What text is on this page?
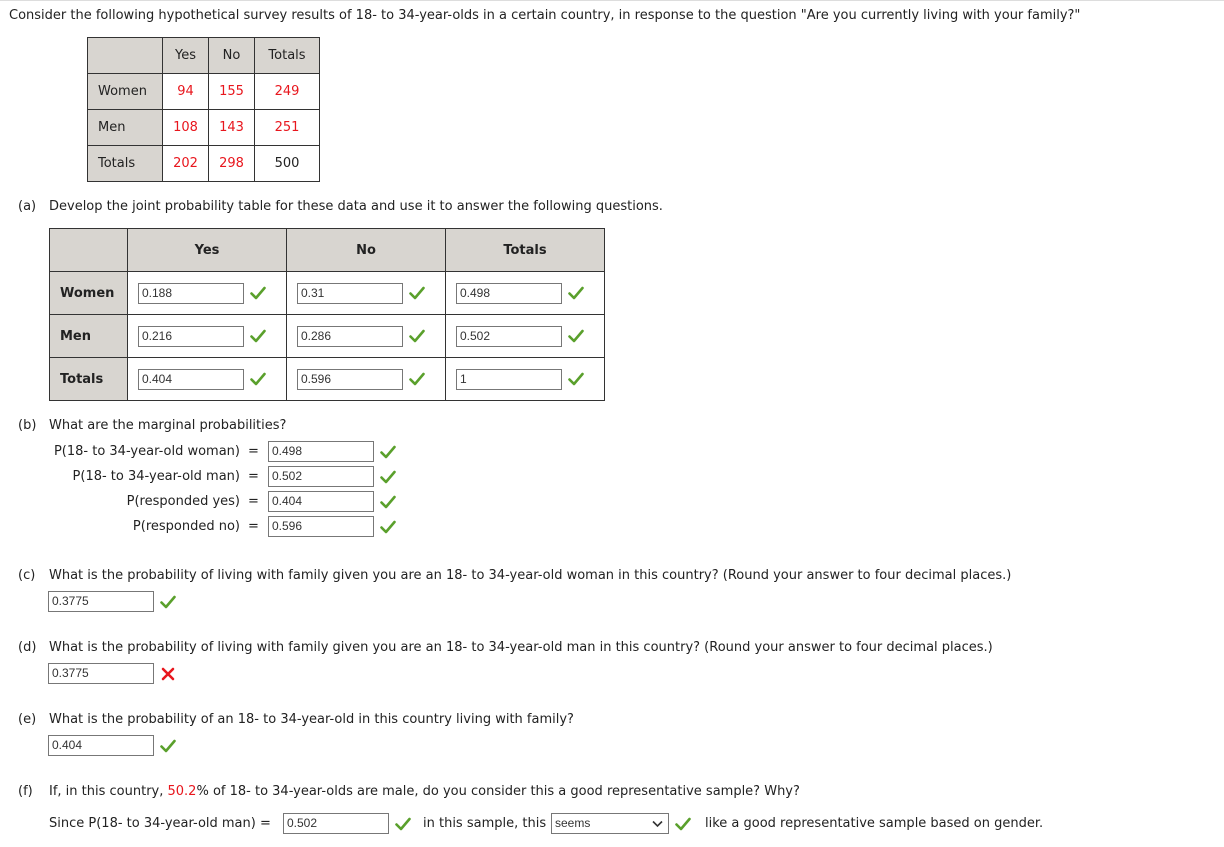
Consider the following hypothetical survey results of 18- to 34-year-olds in a certain country, in response to the question "Are you currently living with your family?"
	Yes	No	Totals
Women	94	155	249
Men	108	143	251
Totals	202	298	500
(a) Develop the joint probability table for these data and use it to answer the following questions.
	Yes	No	Totals
Women	0.188	0.31	0.498
Men	0.216	0.286	0.502
Totals	0.404	0.596	1
(b) What are the marginal probabilities?
P(18- to 34-year-old woman) =	0.498
P(18- to 34-year-old man) =	0.502
P(responded yes) =	0.404
P(responded no) =	0.596
(c) What is the probability of living with family given you are an 18- to 34-year-old woman in this country? (Round your answer to four decimal places.)
0.3775
(d) What is the probability of living with family given you are an 18- to 34-year-old man in this country? (Round your answer to four decimal places.)
0.3775
(e) What is the probability of an 18- to 34-year-old in this country living with family?
0.404
(f) If, in this country, 50.2% of 18- to 34-year-olds are male, do you consider this a good representative sample? Why?
Since P(18- to 34-year-old man) =	0.502	in this sample, this seems	like a good representative sample based on gender.
